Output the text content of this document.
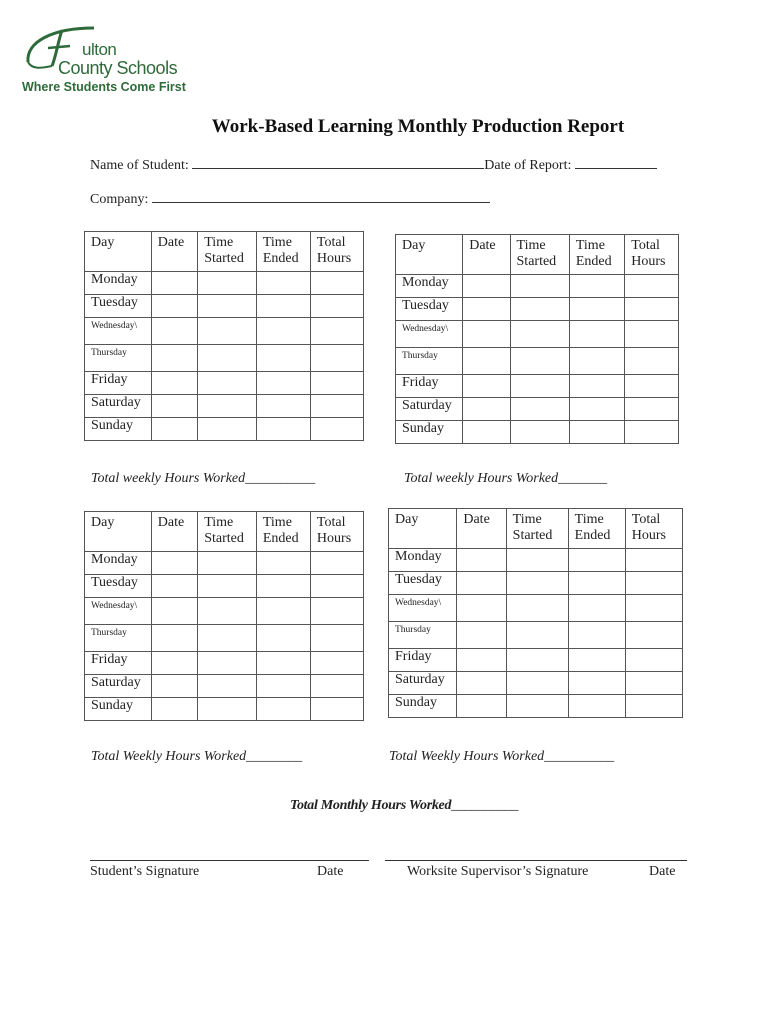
ulton
County Schools
Where Students Come First
Work-Based Learning Monthly Production Report
Name of Student:	Date of Report:
Company:
Day	Date	Time Started	Time Ended	Total Hours
Monday				
Tuesday				
Wednesday\				
Thursday				
Friday				
Saturday				
Sunday				
Day	Date	Time Started	Time Ended	Total Hours
Monday				
Tuesday				
Wednesday\				
Thursday				
Friday				
Saturday				
Sunday				
Day	Date	Time Started	Time Ended	Total Hours
Monday				
Tuesday				
Wednesday\				
Thursday				
Friday				
Saturday				
Sunday				
Day	Date	Time Started	Time Ended	Total Hours
Monday				
Tuesday				
Wednesday\				
Thursday				
Friday				
Saturday				
Sunday				
Total weekly Hours Worked__________	Total weekly Hours Worked_______
Total Weekly Hours Worked________	Total Weekly Hours Worked__________
Total Monthly Hours Worked__________
Student’s Signature	Date	Worksite Supervisor’s Signature	Date
